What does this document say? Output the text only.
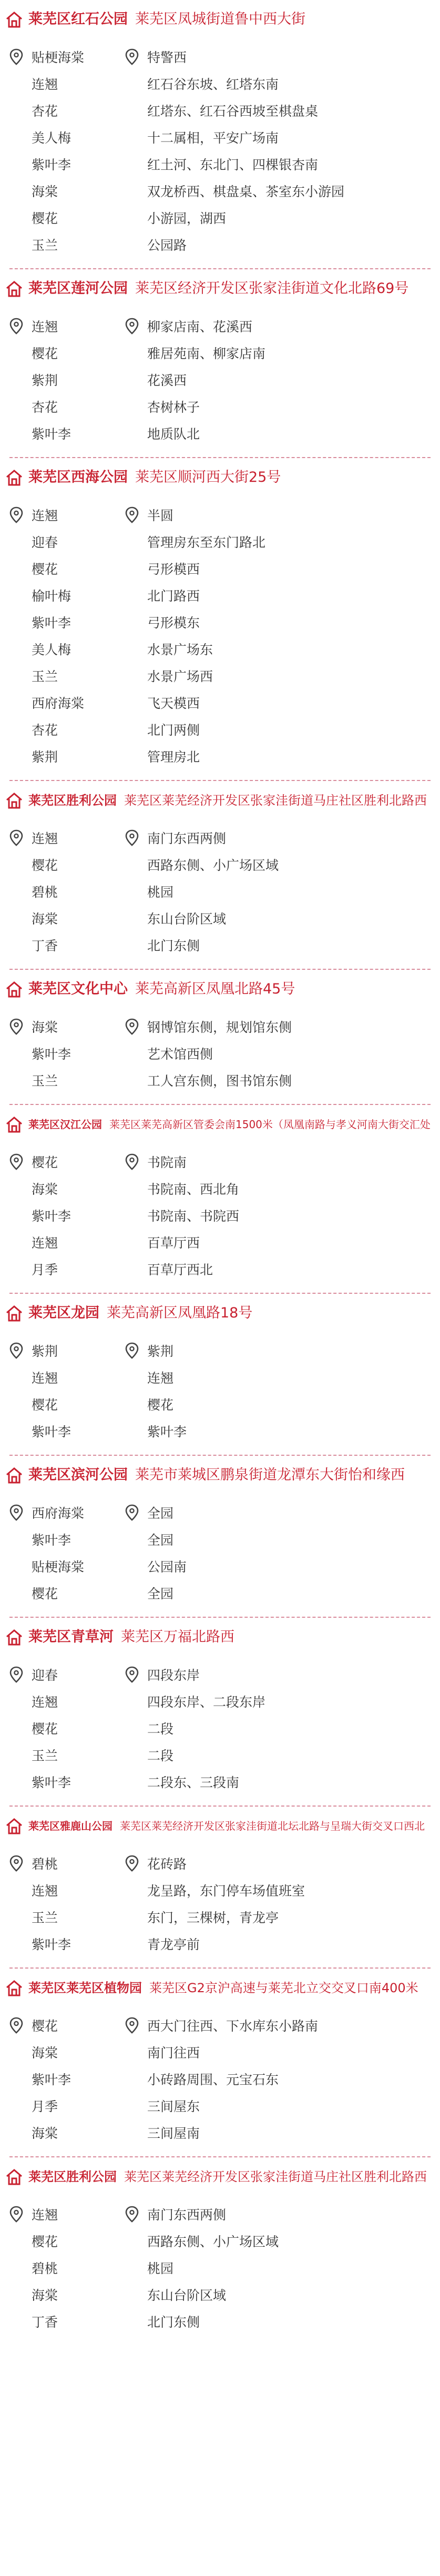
莱芜区红石公园 莱芜区凤城街道鲁中西大街
贴梗海棠	特警西
连翘	红石谷东坡、红塔东南
杏花	红塔东、红石谷西坡至棋盘桌
美人梅	十二属相，平安广场南
紫叶李	红土河、东北门、四棵银杏南
海棠	双龙桥西、棋盘桌、茶室东小游园
樱花	小游园，湖西
玉兰	公园路
莱芜区莲河公园 莱芜区经济开发区张家洼街道文化北路69号
连翘	柳家店南、花溪西
樱花	雅居苑南、柳家店南
紫荆	花溪西
杏花	杏树林子
紫叶李	地质队北
莱芜区西海公园 莱芜区顺河西大街25号
连翘	半圆
迎春	管理房东至东门路北
樱花	弓形模西
榆叶梅	北门路西
紫叶李	弓形模东
美人梅	水景广场东
玉兰	水景广场西
西府海棠	飞天模西
杏花	北门两侧
紫荆	管理房北
莱芜区胜利公园 莱芜区莱芜经济开发区张家洼街道马庄社区胜利北路西
连翘	南门东西两侧
樱花	西路东侧、小广场区域
碧桃	桃园
海棠	东山台阶区域
丁香	北门东侧
莱芜区文化中心 莱芜高新区凤凰北路45号
海棠	钢博馆东侧，规划馆东侧
紫叶李	艺术馆西侧
玉兰	工人宫东侧，图书馆东侧
莱芜区汉江公园 莱芜区莱芜高新区管委会南1500米（凤凰南路与孝义河南大街交汇处
樱花	书院南
海棠	书院南、西北角
紫叶李	书院南、书院西
连翘	百草厅西
月季	百草厅西北
莱芜区龙园 莱芜高新区凤凰路18号
紫荆	紫荆
连翘	连翘
樱花	樱花
紫叶李	紫叶李
莱芜区滨河公园 莱芜市莱城区鹏泉街道龙潭东大街怡和缘西
西府海棠	全园
紫叶李	全园
贴梗海棠	公园南
樱花	全园
莱芜区青草河 莱芜区万福北路西
迎春	四段东岸
连翘	四段东岸、二段东岸
樱花	二段
玉兰	二段
紫叶李	二段东、三段南
莱芜区雅鹿山公园 莱芜区莱芜经济开发区张家洼街道北坛北路与呈瑞大街交叉口西北
碧桃	花砖路
连翘	龙呈路，东门停车场值班室
玉兰	东门，三棵树，青龙亭
紫叶李	青龙亭前
莱芜区莱芜区植物园 莱芜区G2京沪高速与莱芜北立交交叉口南400米
樱花	西大门往西、下水库东小路南
海棠	南门往西
紫叶李	小砖路周围、元宝石东
月季	三间屋东
海棠	三间屋南
莱芜区胜利公园 莱芜区莱芜经济开发区张家洼街道马庄社区胜利北路西
连翘	南门东西两侧
樱花	西路东侧、小广场区域
碧桃	桃园
海棠	东山台阶区域
丁香	北门东侧
